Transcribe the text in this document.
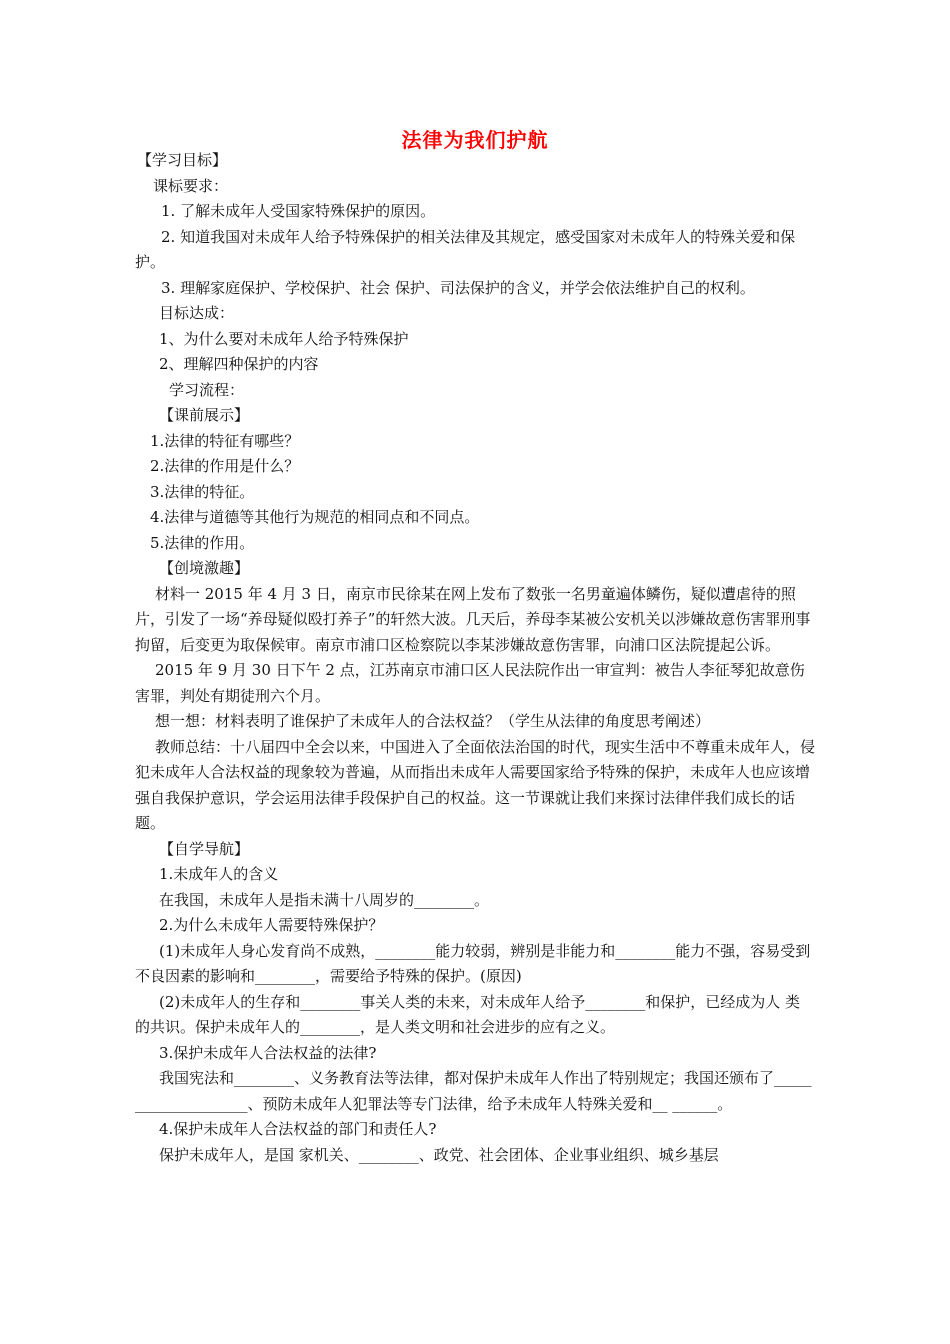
法律为我们护航

【学习目标】

课标要求：

1. 了解未成年人受国家特殊保护的原因。

2. 知道我国对未成年人给予特殊保护的相关法律及其规定，感受国家对未成年人的特殊关爱和保护。

3. 理解家庭保护、学校保护、社会 保护、司法保护的含义，并学会依法维护自己的权利。

目标达成：

1、为什么要对未成年人给予特殊保护

2、理解四种保护的内容

学习流程：

【课前展示】

1.法律的特征有哪些？

2.法律的作用是什么？

3.法律的特征。

4.法律与道德等其他行为规范的相同点和不同点。

5.法律的作用。

【创境激趣】

材料一 2015 年 4 月 3 日，南京市民徐某在网上发布了数张一名男童遍体鳞伤，疑似遭虐待的照片，引发了一场“养母疑似殴打养子”的轩然大波。几天后，养母李某被公安机关以涉嫌故意伤害罪刑事拘留，后变更为取保候审。南京市浦口区检察院以李某涉嫌故意伤害罪，向浦口区法院提起公诉。

2015 年 9 月 30 日下午 2 点，江苏南京市浦口区人民法院作出一审宣判：被告人李征琴犯故意伤害罪，判处有期徒刑六个月。

想一想：材料表明了谁保护了未成年人的合法权益？（学生从法律的角度思考阐述）

教师总结：十八届四中全会以来，中国进入了全面依法治国的时代，现实生活中不尊重未成年人，侵犯未成年人合法权益的现象较为普遍，从而指出未成年人需要国家给予特殊的保护，未成年人也应该增强自我保护意识，学会运用法律手段保护自己的权益。这一节课就让我们来探讨法律伴我们成长的话题。

【自学导航】

1.未成年人的含义

在我国，未成年人是指未满十八周岁的________。

2.为什么未成年人需要特殊保护？

(1)未成年人身心发育尚不成熟，________能力较弱，辨别是非能力和________能力不强，容易受到不良因素的影响和________，需要给予特殊的保护。(原因)

(2)未成年人的生存和________事关人类的未来，对未成年人给予________和保护，已经成为人 类的共识。保护未成年人的________，是人类文明和社会进步的应有之义。

3.保护未成年人合法权益的法律?

我国宪法和________、义务教育法等法律，都对保护未成年人作出了特别规定；我国还颁布了____________________、预防未成年人犯罪法等专门法律，给予未成年人特殊关爱和__ ______。

4.保护未成年人合法权益的部门和责任人?

保护未成年人，是国 家机关、________、政党、社会团体、企业事业组织、城乡基层
